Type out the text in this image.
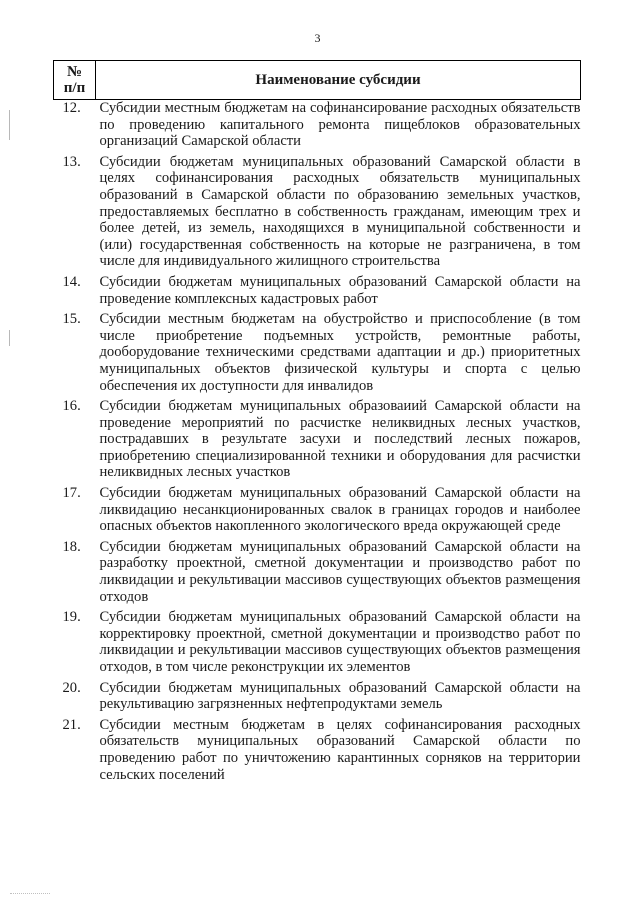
3
№
п/п	Наименование субсидии
12.	Субсидии местным бюджетам на софинансирование расходных обязательств по проведению капитального ремонта пищеблоков образовательных организаций Самарской области
13.	Субсидии бюджетам муниципальных образований Самарской области в целях софинансирования расходных обязательств муниципальных образований в Самарской области по образованию земельных участков, предоставляемых бесплатно в собственность гражданам, имеющим трех и более детей, из земель, находящихся в муниципальной собственности и (или) государственная собственность на которые не разграничена, в том числе для индивидуального жилищного строительства
14.	Субсидии бюджетам муниципальных образований Самарской области на проведение комплексных кадастровых работ
15.	Субсидии местным бюджетам на обустройство и приспособление (в том числе приобретение подъемных устройств, ремонтные работы, дооборудование техническими средствами адаптации и др.) приоритетных муниципальных объектов физической культуры и спорта с целью обеспечения их доступности для инвалидов
16.	Субсидии бюджетам муниципальных образоваиий Самарской области на проведение мероприятий по расчистке неликвидных лесных участков, пострадавших в результате засухи и последствий лесных пожаров, приобретению специализированной техники и оборудования для расчистки неликвидных лесных участков
17.	Субсидии бюджетам муниципальных образований Самарской области на ликвидацию несанкционированных свалок в границах городов и наиболее опасных объектов накопленного экологического вреда окружающей среде
18.	Субсидии бюджетам муниципальных образований Самарской области на разработку проектной, сметной документации и производство работ по ликвидации и рекультивации массивов существующих объектов размещения отходов
19.	Субсидии бюджетам муниципальных образований Самарской области на корректировку проектной, сметной документации и производство работ по ликвидации и рекультивации массивов существующих объектов размещения отходов, в том числе реконструкции их элементов
20.	Субсидии бюджетам муниципальных образований Самарской области на рекультивацию загрязненных нефтепродуктами земель
21.	Субсидии местным бюджетам в целях софинансирования расходных обязательств муниципальных образований Самарской области по проведению работ по уничтожению карантинных сорняков на территории сельских поселений
